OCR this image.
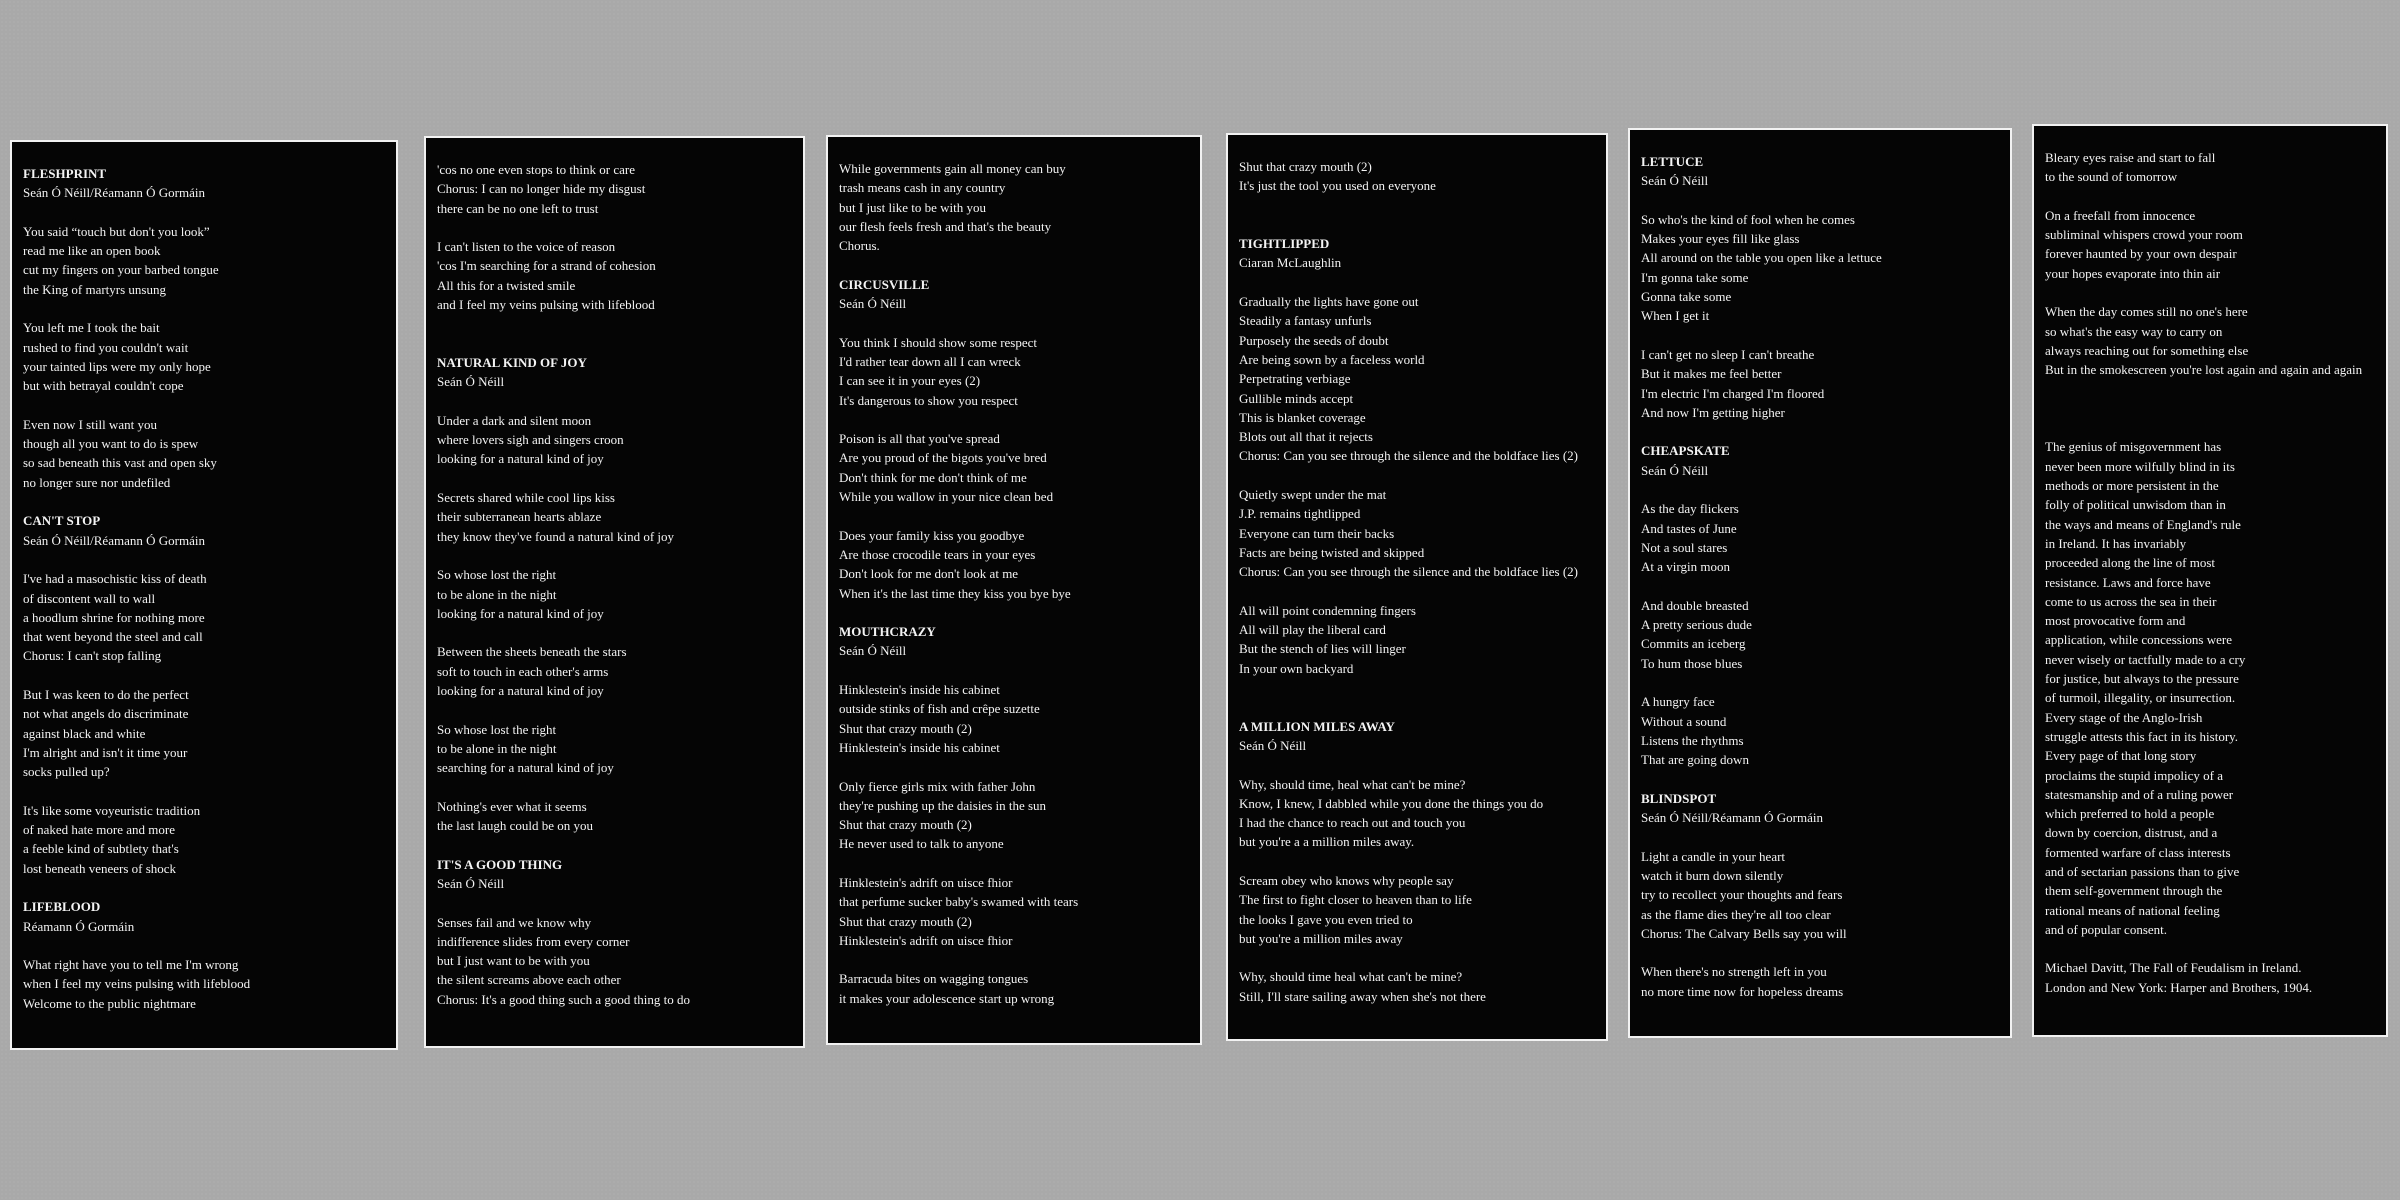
FLESHPRINT
Seán Ó Néill/Réamann Ó Gormáin
You said “touch but don't you look”
read me like an open book
cut my fingers on your barbed tongue
the King of martyrs unsung
You left me I took the bait
rushed to find you couldn't wait
your tainted lips were my only hope
but with betrayal couldn't cope
Even now I still want you
though all you want to do is spew
so sad beneath this vast and open sky
no longer sure nor undefiled
CAN'T STOP
Seán Ó Néill/Réamann Ó Gormáin
I've had a masochistic kiss of death
of discontent wall to wall
a hoodlum shrine for nothing more
that went beyond the steel and call
Chorus: I can't stop falling
But I was keen to do the perfect
not what angels do discriminate
against black and white
I'm alright and isn't it time your
socks pulled up?
It's like some voyeuristic tradition
of naked hate more and more
a feeble kind of subtlety that's
lost beneath veneers of shock
LIFEBLOOD
Réamann Ó Gormáin
What right have you to tell me I'm wrong
when I feel my veins pulsing with lifeblood
Welcome to the public nightmare
'cos no one even stops to think or care
Chorus: I can no longer hide my disgust
there can be no one left to trust
I can't listen to the voice of reason
'cos I'm searching for a strand of cohesion
All this for a twisted smile
and I feel my veins pulsing with lifeblood
NATURAL KIND OF JOY
Seán Ó Néill
Under a dark and silent moon
where lovers sigh and singers croon
looking for a natural kind of joy
Secrets shared while cool lips kiss
their subterranean hearts ablaze
they know they've found a natural kind of joy
So whose lost the right
to be alone in the night
looking for a natural kind of joy
Between the sheets beneath the stars
soft to touch in each other's arms
looking for a natural kind of joy
So whose lost the right
to be alone in the night
searching for a natural kind of joy
Nothing's ever what it seems
the last laugh could be on you
IT'S A GOOD THING
Seán Ó Néill
Senses fail and we know why
indifference slides from every corner
but I just want to be with you
the silent screams above each other
Chorus: It's a good thing such a good thing to do
While governments gain all money can buy
trash means cash in any country
but I just like to be with you
our flesh feels fresh and that's the beauty
Chorus.
CIRCUSVILLE
Seán Ó Néill
You think I should show some respect
I'd rather tear down all I can wreck
I can see it in your eyes (2)
It's dangerous to show you respect
Poison is all that you've spread
Are you proud of the bigots you've bred
Don't think for me don't think of me
While you wallow in your nice clean bed
Does your family kiss you goodbye
Are those crocodile tears in your eyes
Don't look for me don't look at me
When it's the last time they kiss you bye bye
MOUTHCRAZY
Seán Ó Néill
Hinklestein's inside his cabinet
outside stinks of fish and crêpe suzette
Shut that crazy mouth (2)
Hinklestein's inside his cabinet
Only fierce girls mix with father John
they're pushing up the daisies in the sun
Shut that crazy mouth (2)
He never used to talk to anyone
Hinklestein's adrift on uisce fhior
that perfume sucker baby's swamed with tears
Shut that crazy mouth (2)
Hinklestein's adrift on uisce fhior
Barracuda bites on wagging tongues
it makes your adolescence start up wrong
Shut that crazy mouth (2)
It's just the tool you used on everyone
TIGHTLIPPED
Ciaran McLaughlin
Gradually the lights have gone out
Steadily a fantasy unfurls
Purposely the seeds of doubt
Are being sown by a faceless world
Perpetrating verbiage
Gullible minds accept
This is blanket coverage
Blots out all that it rejects
Chorus: Can you see through the silence and the boldface lies (2)
Quietly swept under the mat
J.P. remains tightlipped
Everyone can turn their backs
Facts are being twisted and skipped
Chorus: Can you see through the silence and the boldface lies (2)
All will point condemning fingers
All will play the liberal card
But the stench of lies will linger
In your own backyard
A MILLION MILES AWAY
Seán Ó Néill
Why, should time, heal what can't be mine?
Know, I knew, I dabbled while you done the things you do
I had the chance to reach out and touch you
but you're a a million miles away.
Scream obey who knows why people say
The first to fight closer to heaven than to life
the looks I gave you even tried to
but you're a million miles away
Why, should time heal what can't be mine?
Still, I'll stare sailing away when she's not there
LETTUCE
Seán Ó Néill
So who's the kind of fool when he comes
Makes your eyes fill like glass
All around on the table you open like a lettuce
I'm gonna take some
Gonna take some
When I get it
I can't get no sleep I can't breathe
But it makes me feel better
I'm electric I'm charged I'm floored
And now I'm getting higher
CHEAPSKATE
Seán Ó Néill
As the day flickers
And tastes of June
Not a soul stares
At a virgin moon
And double breasted
A pretty serious dude
Commits an iceberg
To hum those blues
A hungry face
Without a sound
Listens the rhythms
That are going down
BLINDSPOT
Seán Ó Néill/Réamann Ó Gormáin
Light a candle in your heart
watch it burn down silently
try to recollect your thoughts and fears
as the flame dies they're all too clear
Chorus: The Calvary Bells say you will
When there's no strength left in you
no more time now for hopeless dreams
Bleary eyes raise and start to fall
to the sound of tomorrow
On a freefall from innocence
subliminal whispers crowd your room
forever haunted by your own despair
your hopes evaporate into thin air
When the day comes still no one's here
so what's the easy way to carry on
always reaching out for something else
But in the smokescreen you're lost again and again and again
The genius of misgovernment has
never been more wilfully blind in its
methods or more persistent in the
folly of political unwisdom than in
the ways and means of England's rule
in Ireland. It has invariably
proceeded along the line of most
resistance. Laws and force have
come to us across the sea in their
most provocative form and
application, while concessions were
never wisely or tactfully made to a cry
for justice, but always to the pressure
of turmoil, illegality, or insurrection.
Every stage of the Anglo-Irish
struggle attests this fact in its history.
Every page of that long story
proclaims the stupid impolicy of a
statesmanship and of a ruling power
which preferred to hold a people
down by coercion, distrust, and a
formented warfare of class interests
and of sectarian passions than to give
them self-government through the
rational means of national feeling
and of popular consent.
Michael Davitt, The Fall of Feudalism in Ireland.
London and New York: Harper and Brothers, 1904.
